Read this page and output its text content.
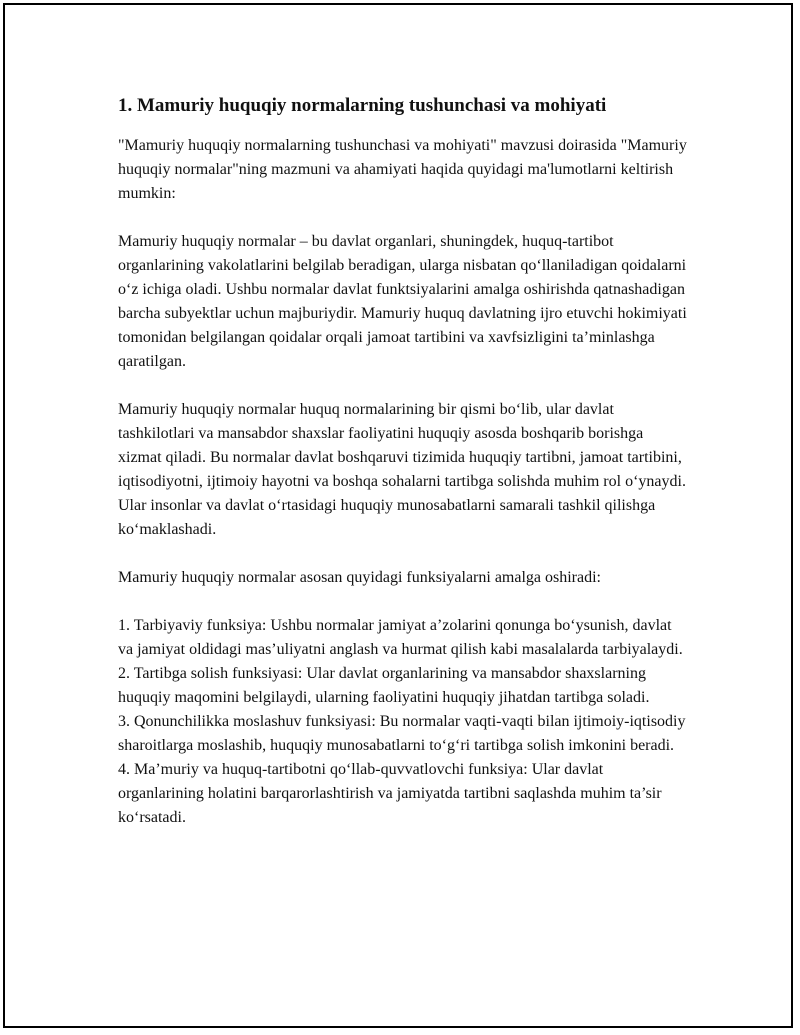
1. Mamuriy huquqiy normalarning tushunchasi va mohiyati

"Mamuriy huquqiy normalarning tushunchasi va mohiyati" mavzusi doirasida "Mamuriy huquqiy normalar"ning mazmuni va ahamiyati haqida quyidagi ma'lumotlarni keltirish mumkin:

Mamuriy huquqiy normalar – bu davlat organlari, shuningdek, huquq-tartibot organlarining vakolatlarini belgilab beradigan, ularga nisbatan qo‘llaniladigan qoidalarni o‘z ichiga oladi. Ushbu normalar davlat funktsiyalarini amalga oshirishda qatnashadigan barcha subyektlar uchun majburiydir. Mamuriy huquq davlatning ijro etuvchi hokimiyati tomonidan belgilangan qoidalar orqali jamoat tartibini va xavfsizligini ta’minlashga qaratilgan.

Mamuriy huquqiy normalar huquq normalarining bir qismi bo‘lib, ular davlat tashkilotlari va mansabdor shaxslar faoliyatini huquqiy asosda boshqarib borishga xizmat qiladi. Bu normalar davlat boshqaruvi tizimida huquqiy tartibni, jamoat tartibini, iqtisodiyotni, ijtimoiy hayotni va boshqa sohalarni tartibga solishda muhim rol o‘ynaydi. Ular insonlar va davlat o‘rtasidagi huquqiy munosabatlarni samarali tashkil qilishga ko‘maklashadi.

Mamuriy huquqiy normalar asosan quyidagi funksiyalarni amalga oshiradi:

1. Tarbiyaviy funksiya: Ushbu normalar jamiyat a’zolarini qonunga bo‘ysunish, davlat va jamiyat oldidagi mas’uliyatni anglash va hurmat qilish kabi masalalarda tarbiyalaydi.

2. Tartibga solish funksiyasi: Ular davlat organlarining va mansabdor shaxslarning huquqiy maqomini belgilaydi, ularning faoliyatini huquqiy jihatdan tartibga soladi.

3. Qonunchilikka moslashuv funksiyasi: Bu normalar vaqti-vaqti bilan ijtimoiy-iqtisodiy sharoitlarga moslashib, huquqiy munosabatlarni to‘g‘ri tartibga solish imkonini beradi.

4. Ma’muriy va huquq-tartibotni qo‘llab-quvvatlovchi funksiya: Ular davlat organlarining holatini barqarorlashtirish va jamiyatda tartibni saqlashda muhim ta’sir ko‘rsatadi.
